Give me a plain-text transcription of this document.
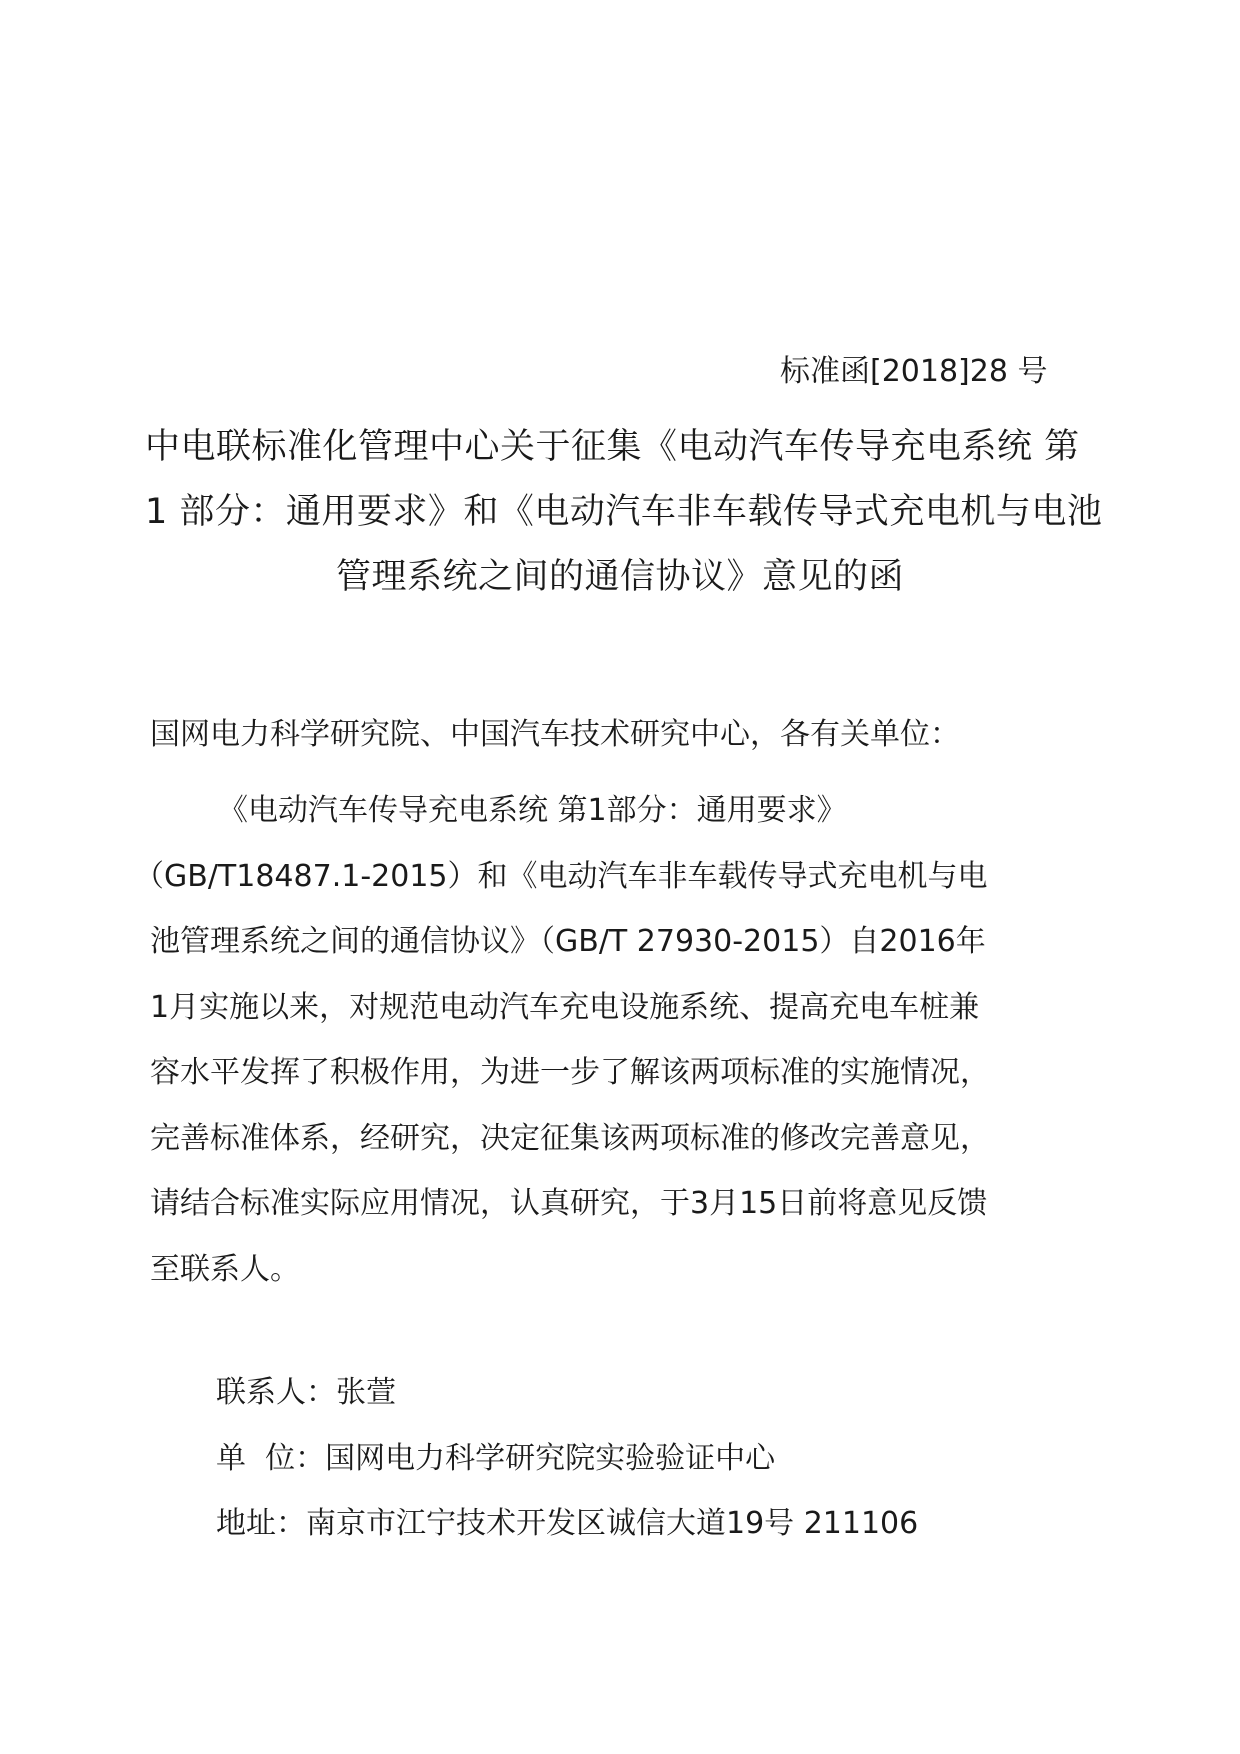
标准函[2018]28 号
中电联标准化管理中心关于征集《电动汽车传导充电系统 第
1 部分：通用要求》和《电动汽车非车载传导式充电机与电池
管理系统之间的通信协议》意见的函
国网电力科学研究院、中国汽车技术研究中心，各有关单位：
《电动汽车传导充电系统 第1部分：通用要求》
（GB/T18487.1-2015）和《电动汽车非车载传导式充电机与电
池管理系统之间的通信协议》（GB/T 27930-2015）自2016年
1月实施以来，对规范电动汽车充电设施系统、提高充电车桩兼
容水平发挥了积极作用，为进一步了解该两项标准的实施情况，
完善标准体系，经研究，决定征集该两项标准的修改完善意见，
请结合标准实际应用情况，认真研究，于3月15日前将意见反馈
至联系人。
联系人：张萱
单  位：国网电力科学研究院实验验证中心
地址：南京市江宁技术开发区诚信大道19号 211106
